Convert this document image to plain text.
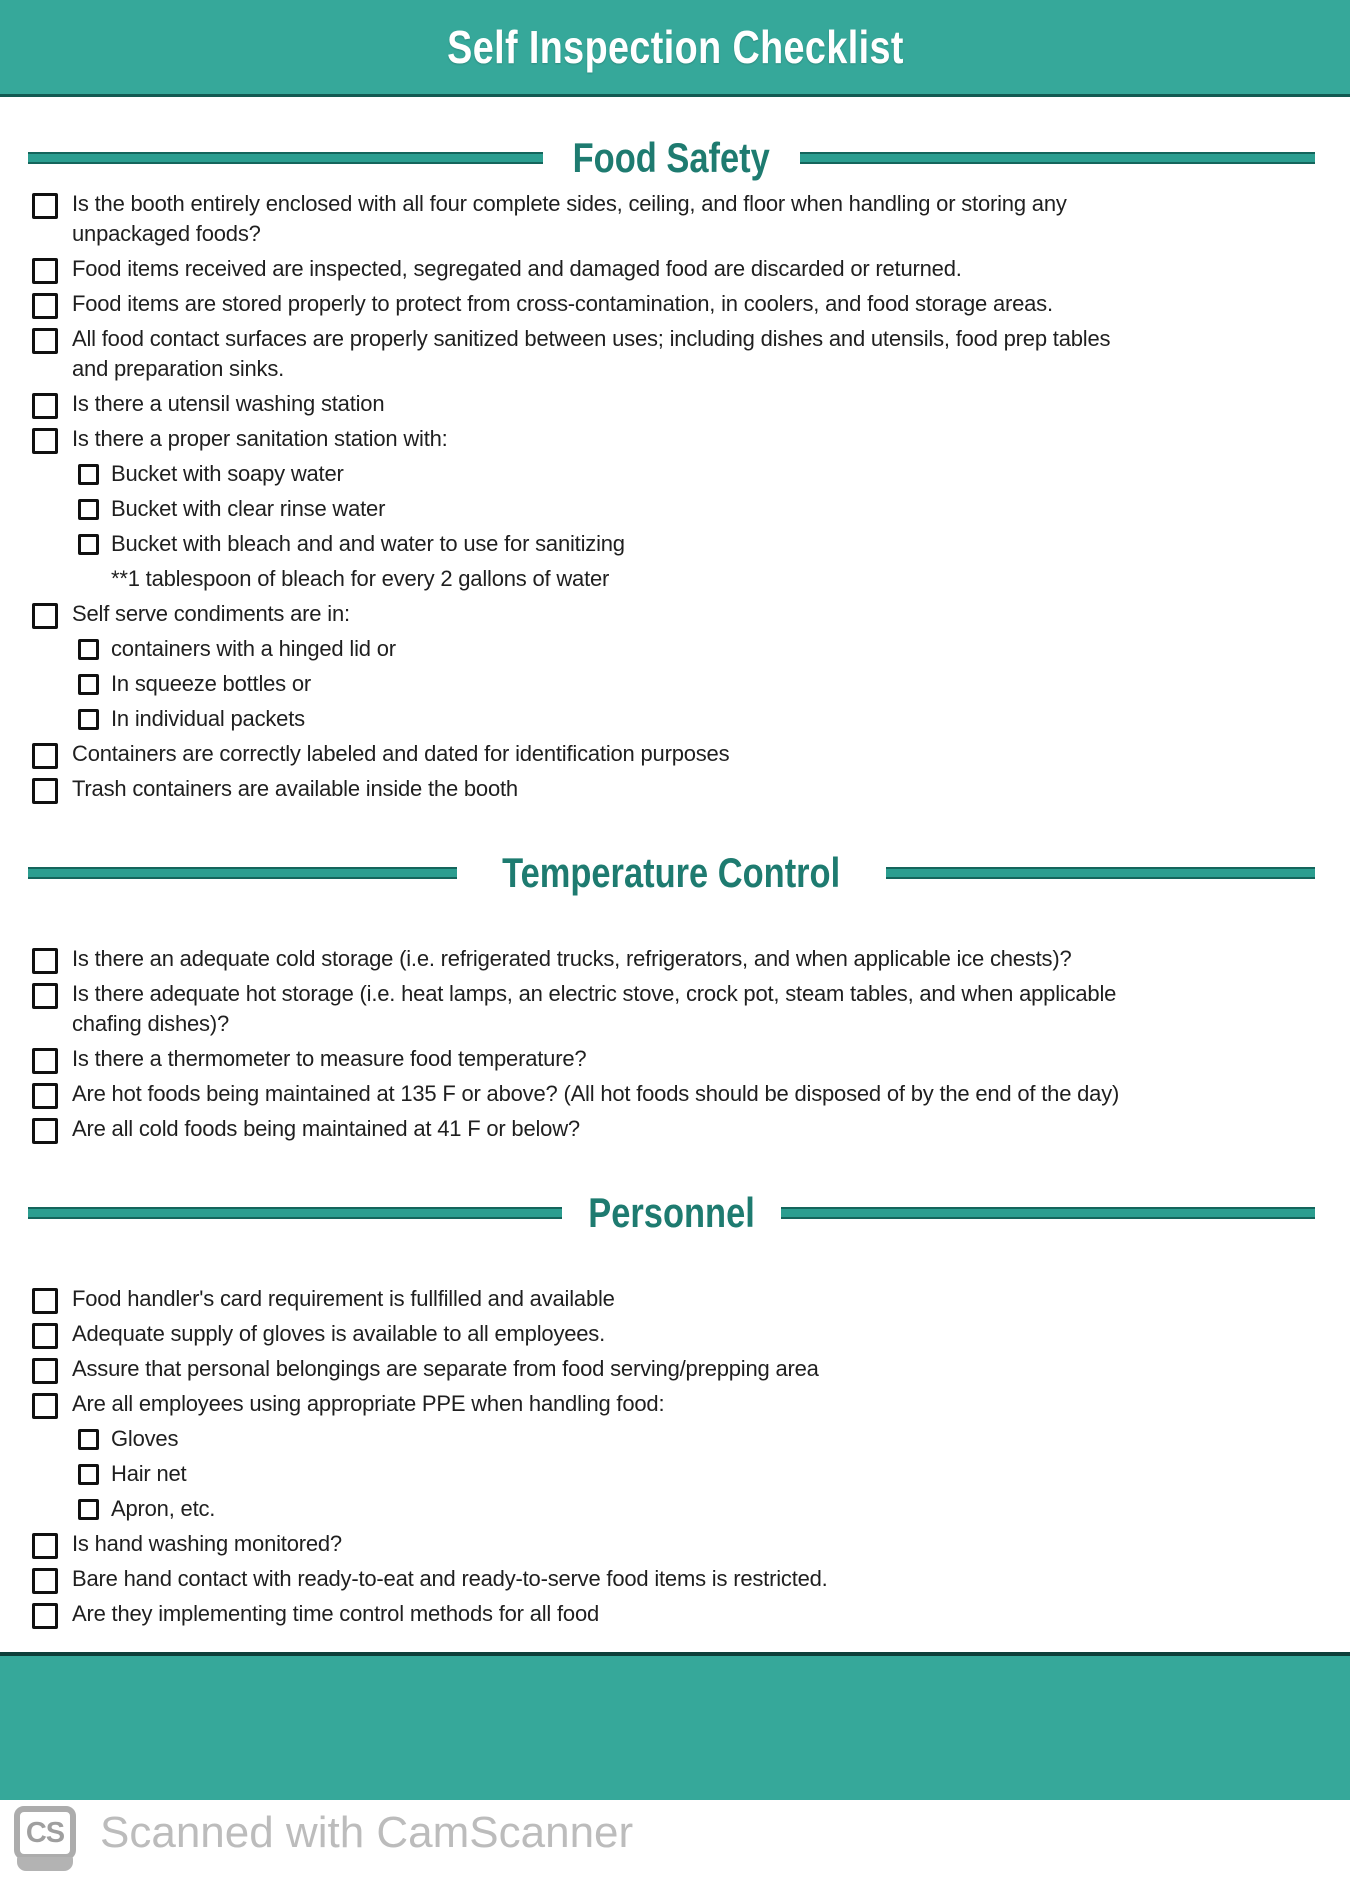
Self Inspection Checklist
Food Safety
Is the booth entirely enclosed with all four complete sides, ceiling, and floor when handling or storing any
unpackaged foods?
Food items received are inspected, segregated and damaged food are discarded or returned.
Food items are stored properly to protect from cross-contamination, in coolers, and food storage areas.
All food contact surfaces are properly sanitized between uses; including dishes and utensils, food prep tables
and preparation sinks.
Is there a utensil washing station
Is there a proper sanitation station with:
Bucket with soapy water
Bucket with clear rinse water
Bucket with bleach and and water to use for sanitizing
**1 tablespoon of bleach for every 2 gallons of water
Self serve condiments are in:
containers with a hinged lid or
In squeeze bottles or
In individual packets
Containers are correctly labeled and dated for identification purposes
Trash containers are available inside the booth
Temperature Control
Is there an adequate cold storage (i.e. refrigerated trucks, refrigerators, and when applicable ice chests)?
Is there adequate hot storage (i.e. heat lamps, an electric stove, crock pot, steam tables, and when applicable
chafing dishes)?
Is there a thermometer to measure food temperature?
Are hot foods being maintained at 135 F or above? (All hot foods should be disposed of by the end of the day)
Are all cold foods being maintained at 41 F or below?
Personnel
Food handler's card requirement is fullfilled and available
Adequate supply of gloves is available to all employees.
Assure that personal belongings are separate from food serving/prepping area
Are all employees using appropriate PPE when handling food:
Gloves
Hair net
Apron, etc.
Is hand washing monitored?
Bare hand contact with ready-to-eat and ready-to-serve food items is restricted.
Are they implementing time control methods for all food
CS Scanned with CamScanner
